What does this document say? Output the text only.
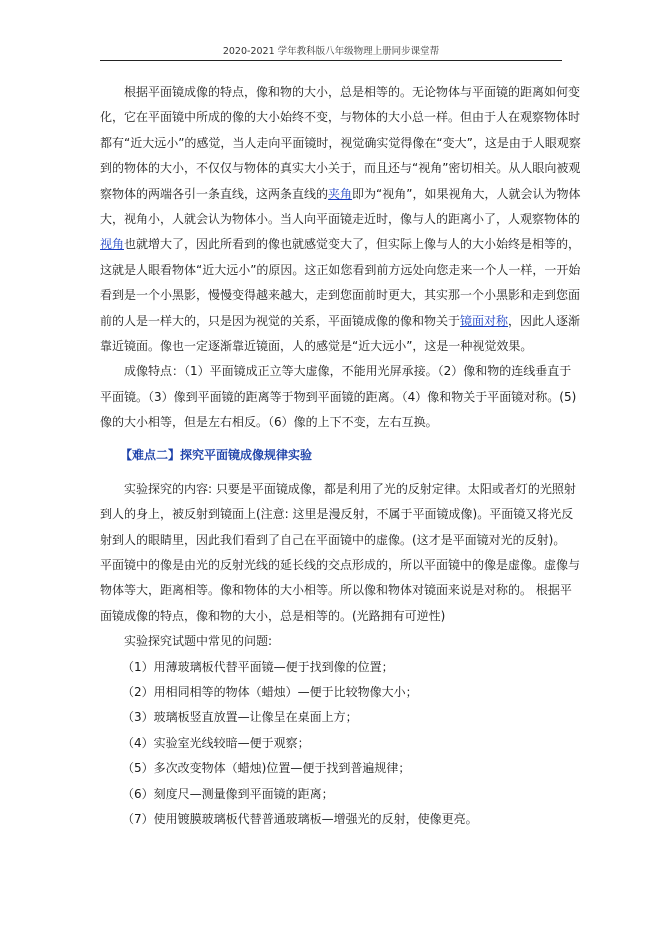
2020-2021 学年教科版八年级物理上册同步课堂帮
根据平面镜成像的特点，像和物的大小，总是相等的。无论物体与平面镜的距离如何变
化，它在平面镜中所成的像的大小始终不变，与物体的大小总一样。但由于人在观察物体时
都有“近大远小”的感觉，当人走向平面镜时，视觉确实觉得像在“变大”，这是由于人眼观察
到的物体的大小，不仅仅与物体的真实大小关于，而且还与“视角”密切相关。从人眼向被观
察物体的两端各引一条直线，这两条直线的夹角即为“视角”，如果视角大，人就会认为物体
大，视角小，人就会认为物体小。当人向平面镜走近时，像与人的距离小了，人观察物体的
视角也就增大了，因此所看到的像也就感觉变大了，但实际上像与人的大小始终是相等的，
这就是人眼看物体“近大远小”的原因。这正如您看到前方远处向您走来一个人一样，一开始
看到是一个小黑影，慢慢变得越来越大，走到您面前时更大，其实那一个小黑影和走到您面
前的人是一样大的，只是因为视觉的关系，平面镜成像的像和物关于镜面对称，因此人逐渐
靠近镜面。像也一定逐渐靠近镜面，人的感觉是“近大远小”，这是一种视觉效果。
成像特点：（1）平面镜成正立等大虚像，不能用光屏承接。（2）像和物的连线垂直于
平面镜。（3）像到平面镜的距离等于物到平面镜的距离。（4）像和物关于平面镜对称。(5)
像的大小相等，但是左右相反。（6）像的上下不变，左右互换。
【难点二】探究平面镜成像规律实验
实验探究的内容: 只要是平面镜成像，都是利用了光的反射定律。太阳或者灯的光照射
到人的身上，被反射到镜面上(注意: 这里是漫反射，不属于平面镜成像)。平面镜又将光反
射到人的眼睛里，因此我们看到了自己在平面镜中的虚像。(这才是平面镜对光的反射)。
平面镜中的像是由光的反射光线的延长线的交点形成的，所以平面镜中的像是虚像。虚像与
物体等大，距离相等。像和物体的大小相等。所以像和物体对镜面来说是对称的。 根据平
面镜成像的特点，像和物的大小，总是相等的。(光路拥有可逆性)
实验探究试题中常见的问题:
（1）用薄玻璃板代替平面镜—便于找到像的位置；
（2）用相同相等的物体（蜡烛）—便于比较物像大小；
（3）玻璃板竖直放置—让像呈在桌面上方；
（4）实验室光线较暗—便于观察；
（5）多次改变物体（蜡烛)位置—便于找到普遍规律；
（6）刻度尺—测量像到平面镜的距离；
（7）使用镀膜玻璃板代替普通玻璃板—增强光的反射，使像更亮。
